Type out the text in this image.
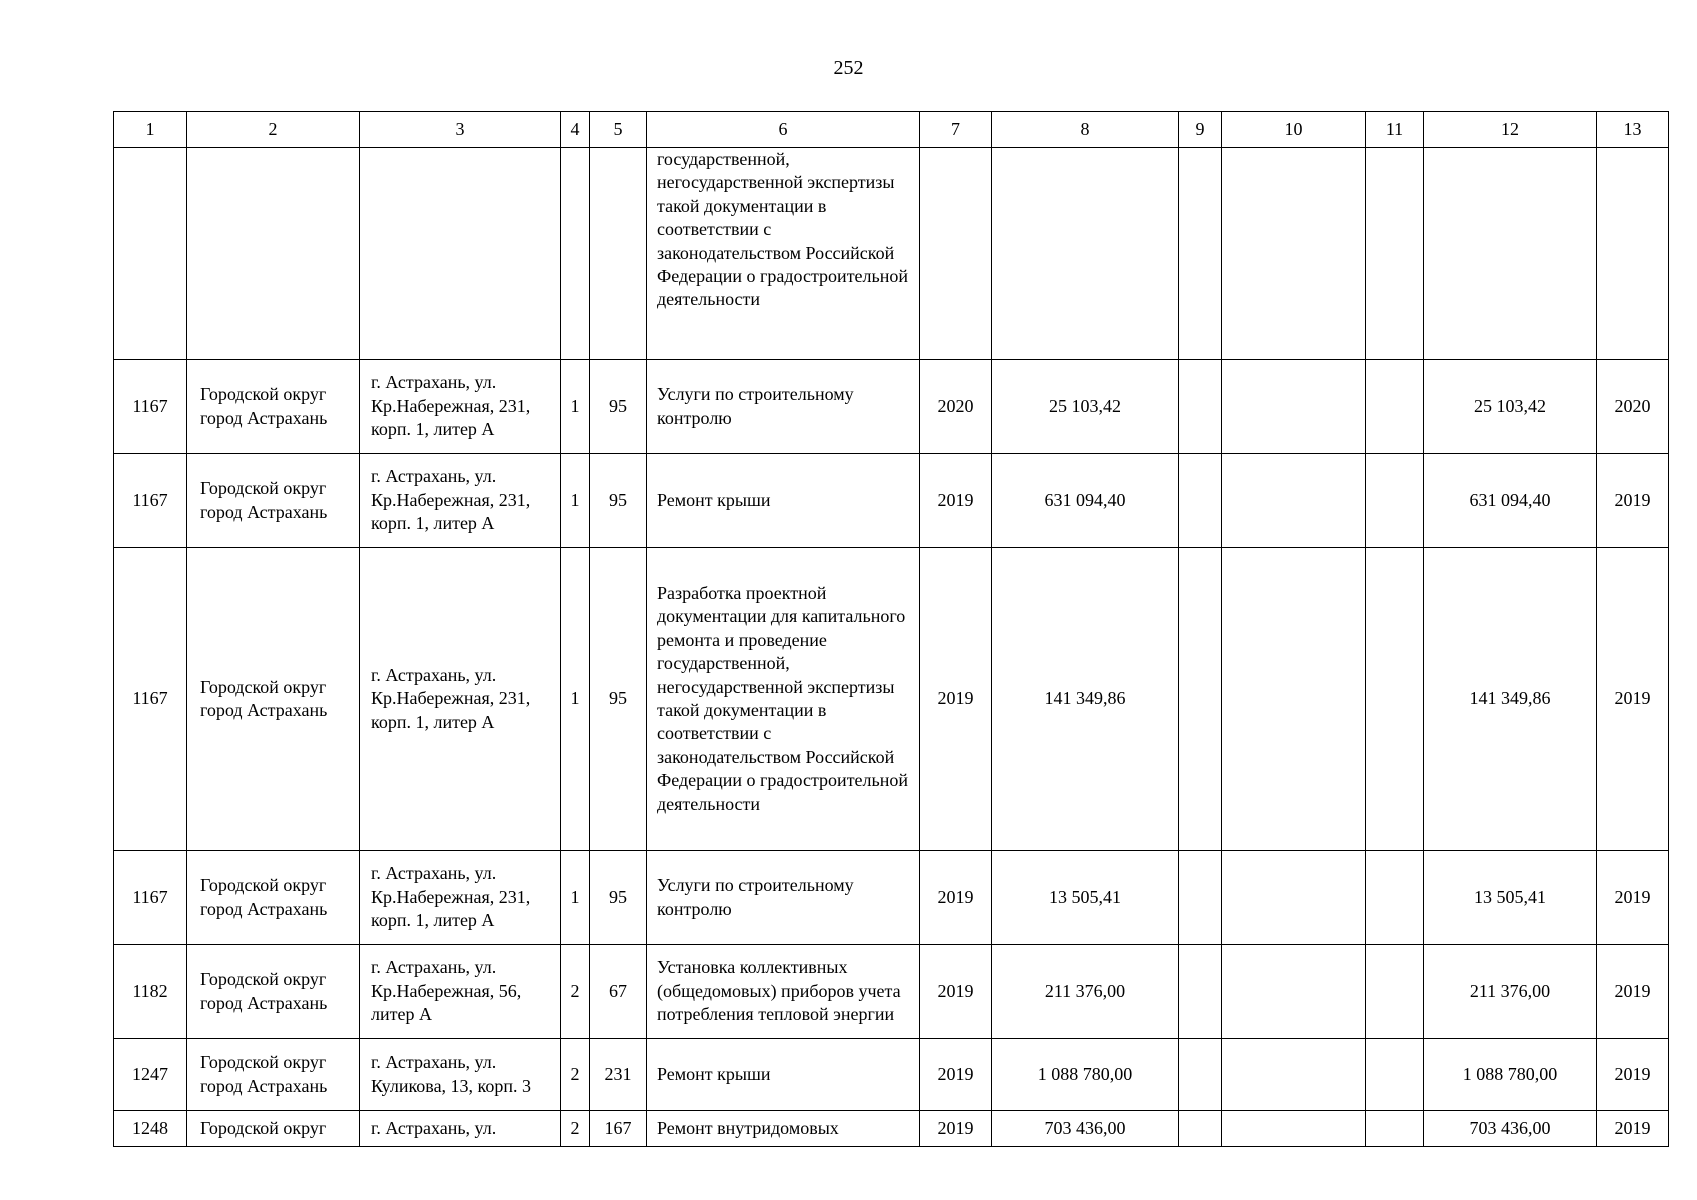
252
1	2	3	4	5	6	7	8	9	10	11	12	13
					государственной, негосударственной экспертизы такой документации в соответствии с законодательством Российской Федерации о градостроительной деятельности							
1167	Городской округ город Астрахань	г. Астрахань, ул. Кр.Набережная, 231, корп. 1, литер А	1	95	Услуги по строительному контролю	2020	25 103,42				25 103,42	2020
1167	Городской округ город Астрахань	г. Астрахань, ул. Кр.Набережная, 231, корп. 1, литер А	1	95	Ремонт крыши	2019	631 094,40				631 094,40	2019
1167	Городской округ город Астрахань	г. Астрахань, ул. Кр.Набережная, 231, корп. 1, литер А	1	95	Разработка проектной документации для капитального ремонта и проведение государственной, негосударственной экспертизы такой документации в соответствии с законодательством Российской Федерации о градостроительной деятельности	2019	141 349,86				141 349,86	2019
1167	Городской округ город Астрахань	г. Астрахань, ул. Кр.Набережная, 231, корп. 1, литер А	1	95	Услуги по строительному контролю	2019	13 505,41				13 505,41	2019
1182	Городской округ город Астрахань	г. Астрахань, ул. Кр.Набережная, 56, литер А	2	67	Установка коллективных (общедомовых) приборов учета потребления тепловой энергии	2019	211 376,00				211 376,00	2019
1247	Городской округ город Астрахань	г. Астрахань, ул. Куликова, 13, корп. 3	2	231	Ремонт крыши	2019	1 088 780,00				1 088 780,00	2019
1248	Городской округ	г. Астрахань, ул.	2	167	Ремонт внутридомовых	2019	703 436,00				703 436,00	2019
